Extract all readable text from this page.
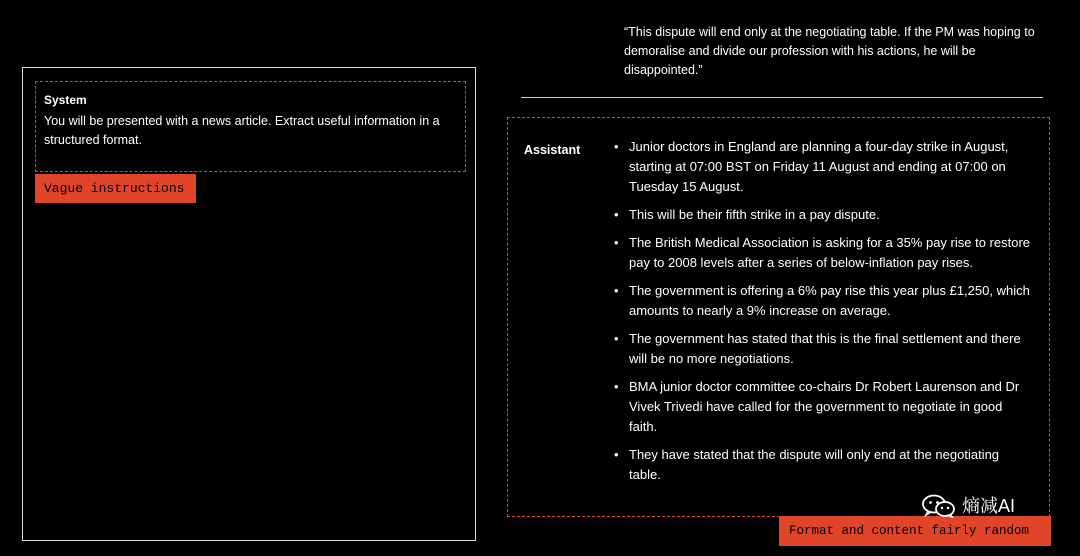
System
You will be presented with a news article. Extract useful information in a structured format.
Vague instructions
“This dispute will end only at the negotiating table. If the PM was hoping to demoralise and divide our profession with his actions, he will be disappointed.”
Assistant	• Junior doctors in England are planning a four-day strike in August, starting at 07:00 BST on Friday 11 August and ending at 07:00 on Tuesday 15 August.
• This will be their fifth strike in a pay dispute.
• The British Medical Association is asking for a 35% pay rise to restore pay to 2008 levels after a series of below-inflation pay rises.
• The government is offering a 6% pay rise this year plus £1,250, which amounts to nearly a 9% increase on average.
• The government has stated that this is the final settlement and there will be no more negotiations.
• BMA junior doctor committee co-chairs Dr Robert Laurenson and Dr Vivek Trivedi have called for the government to negotiate in good faith.
• They have stated that the dispute will only end at the negotiating table.
Format and content fairly random
熵减AI
